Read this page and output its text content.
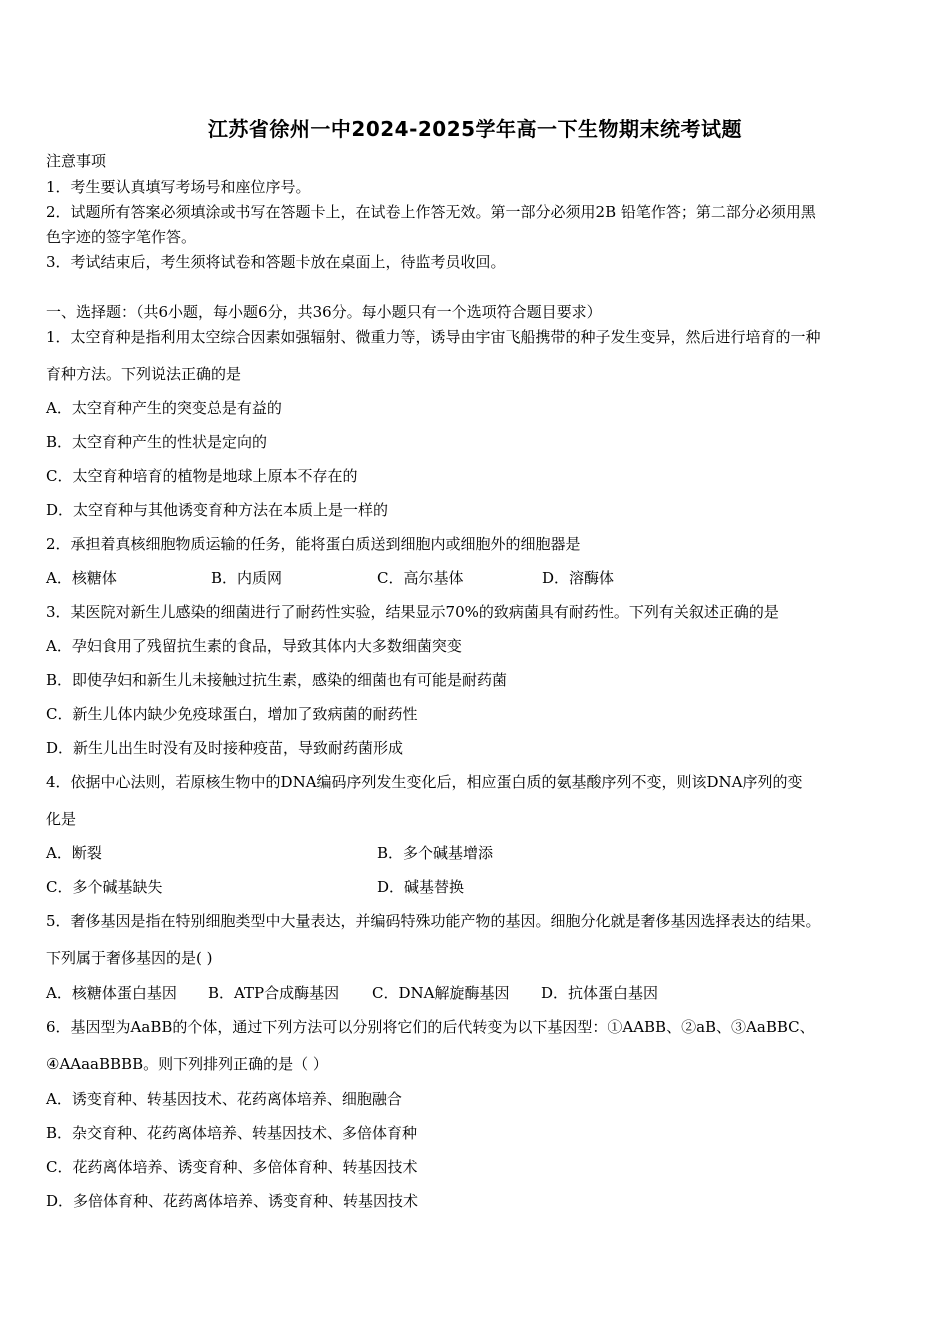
江苏省徐州一中2024-2025学年高一下生物期末统考试题
注意事项
1．考生要认真填写考场号和座位序号。
2．试题所有答案必须填涂或书写在答题卡上，在试卷上作答无效。第一部分必须用2B 铅笔作答；第二部分必须用黑
色字迹的签字笔作答。
3．考试结束后，考生须将试卷和答题卡放在桌面上，待监考员收回。
一、选择题：（共6小题，每小题6分，共36分。每小题只有一个选项符合题目要求）
1．太空育种是指利用太空综合因素如强辐射、微重力等，诱导由宇宙飞船携带的种子发生变异，然后进行培育的一种
育种方法。下列说法正确的是
A．太空育种产生的突变总是有益的
B．太空育种产生的性状是定向的
C．太空育种培育的植物是地球上原本不存在的
D．太空育种与其他诱变育种方法在本质上是一样的
2．承担着真核细胞物质运输的任务，能将蛋白质送到细胞内或细胞外的细胞器是
A．核糖体	B．内质网	C．高尔基体	D．溶酶体
3．某医院对新生儿感染的细菌进行了耐药性实验，结果显示70%的致病菌具有耐药性。下列有关叙述正确的是
A．孕妇食用了残留抗生素的食品，导致其体内大多数细菌突变
B．即使孕妇和新生儿未接触过抗生素，感染的细菌也有可能是耐药菌
C．新生儿体内缺少免疫球蛋白，增加了致病菌的耐药性
D．新生儿出生时没有及时接种疫苗，导致耐药菌形成
4．依据中心法则，若原核生物中的DNA编码序列发生变化后，相应蛋白质的氨基酸序列不变，则该DNA序列的变
化是
A．断裂	B．多个碱基增添
C．多个碱基缺失	D．碱基替换
5．奢侈基因是指在特别细胞类型中大量表达，并编码特殊功能产物的基因。细胞分化就是奢侈基因选择表达的结果。
下列属于奢侈基因的是( )
A．核糖体蛋白基因 B．ATP合成酶基因 C．DNA解旋酶基因 D．抗体蛋白基因
6．基因型为AaBB的个体，通过下列方法可以分别将它们的后代转变为以下基因型：①AABB、②aB、③AaBBC、
④AAaaBBBB。则下列排列正确的是（ ）
A．诱变育种、转基因技术、花药离体培养、细胞融合
B．杂交育种、花药离体培养、转基因技术、多倍体育种
C．花药离体培养、诱变育种、多倍体育种、转基因技术
D．多倍体育种、花药离体培养、诱变育种、转基因技术
